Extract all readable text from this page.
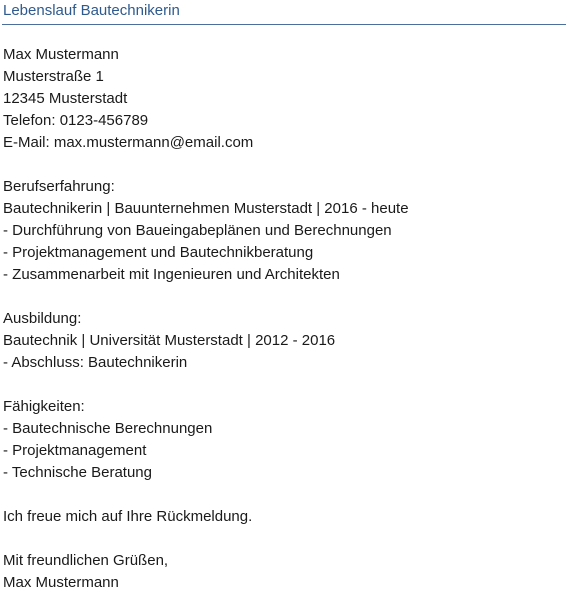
Lebenslauf Bautechnikerin
Max Mustermann
Musterstraße 1
12345 Musterstadt
Telefon: 0123-456789
E-Mail: max.mustermann@email.com
Berufserfahrung:
Bautechnikerin | Bauunternehmen Musterstadt | 2016 - heute
- Durchführung von Baueingabeplänen und Berechnungen
- Projektmanagement und Bautechnikberatung
- Zusammenarbeit mit Ingenieuren und Architekten
Ausbildung:
Bautechnik | Universität Musterstadt | 2012 - 2016
- Abschluss: Bautechnikerin
Fähigkeiten:
- Bautechnische Berechnungen
- Projektmanagement
- Technische Beratung
Ich freue mich auf Ihre Rückmeldung.
Mit freundlichen Grüßen,
Max Mustermann
